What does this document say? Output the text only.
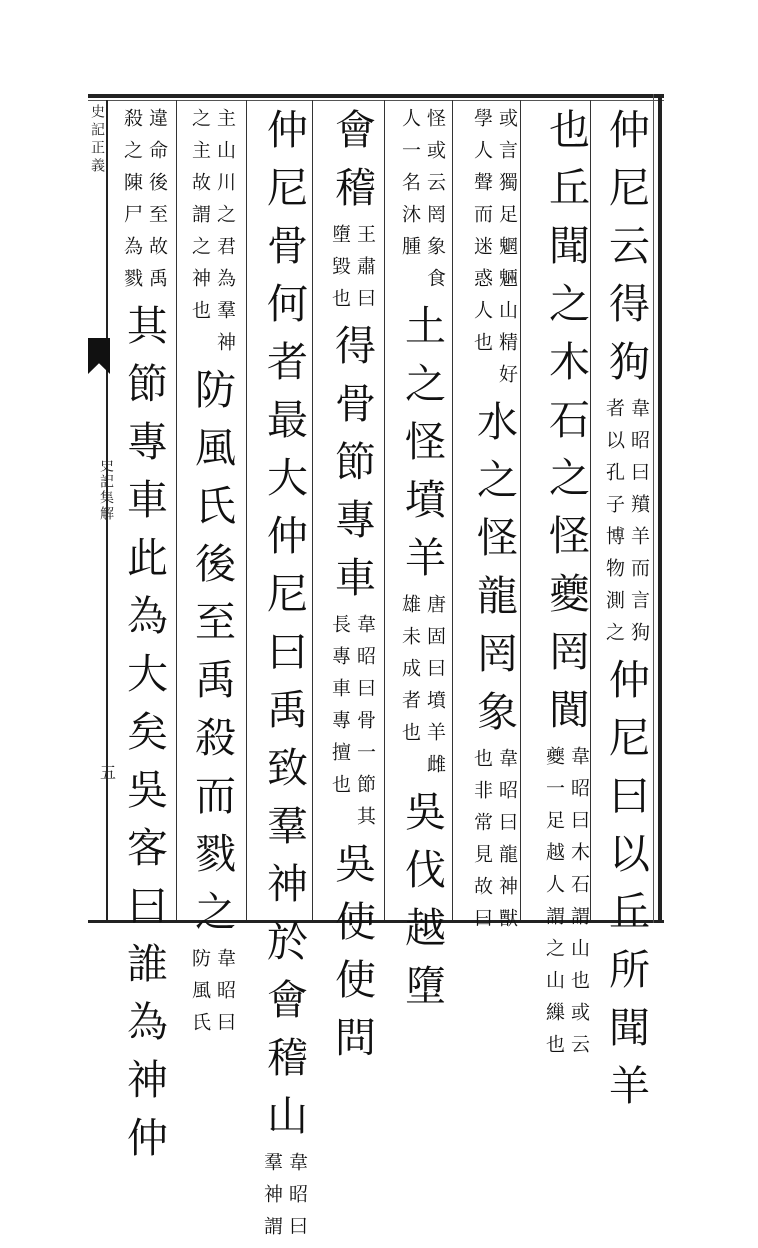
史記正義
史記集解
五
仲尼云得狗
韋昭曰羵羊而言狗
者以孔子博物測之
仲尼曰以丘所聞羊
也丘聞之木石之怪夔罔閬
韋昭曰木石謂山也或云
夔一足越人謂之山繅也
或言獨足魍魎山精好
學人聲而迷惑人也
水之怪龍罔象
韋昭曰龍神獸
也非常見故曰
怪或云罔象食
人一名沐腫
土之怪墳羊
唐固曰墳羊雌
雄未成者也
吳伐越墮
會稽
王肅曰
墮毀也
得骨節專車
韋昭曰骨一節其
長專車專擅也
吳使使問
仲尼骨何者最大仲尼曰禹致羣神於會稽山
韋昭曰
羣神謂
主山川之君為羣神
之主故謂之神也
防風氏後至禹殺而戮之
韋昭曰
防風氏
違命後至故禹
殺之陳尸為戮
其節專車此為大矣吳客曰誰為神仲
